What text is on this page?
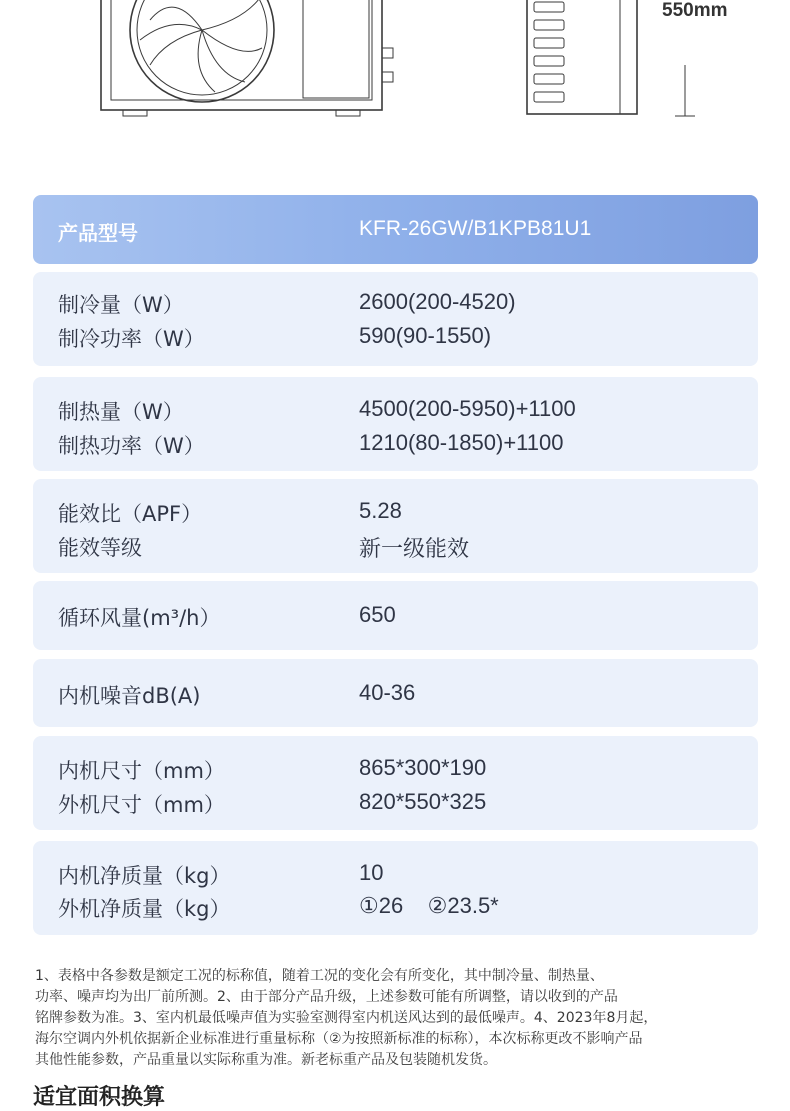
550mm
产品型号	KFR-26GW/B1KPB81U1
制冷量（W）	2600(200-4520)
制冷功率（W）	590(90-1550)
制热量（W）	4500(200-5950)+1100
制热功率（W）	1210(80-1850)+1100
能效比（APF）	5.28
能效等级	新一级能效
循环风量(m³/h）	650
内机噪音dB(A)	40-36
内机尺寸（mm）	865*300*190
外机尺寸（mm）	820*550*325
内机净质量（kg）	10
外机净质量（kg）	①26    ②23.5*

1、表格中各参数是额定工况的标称值，随着工况的变化会有所变化，其中制冷量、制热量、

功率、噪声均为出厂前所测。2、由于部分产品升级，上述参数可能有所调整，请以收到的产品

铭牌参数为准。3、室内机最低噪声值为实验室测得室内机送风达到的最低噪声。4、2023年8月起，

海尔空调内外机依据新企业标准进行重量标称（②为按照新标准的标称），本次标称更改不影响产品

其他性能参数，产品重量以实际称重为准。新老标重产品及包装随机发货。

适宜面积换算
